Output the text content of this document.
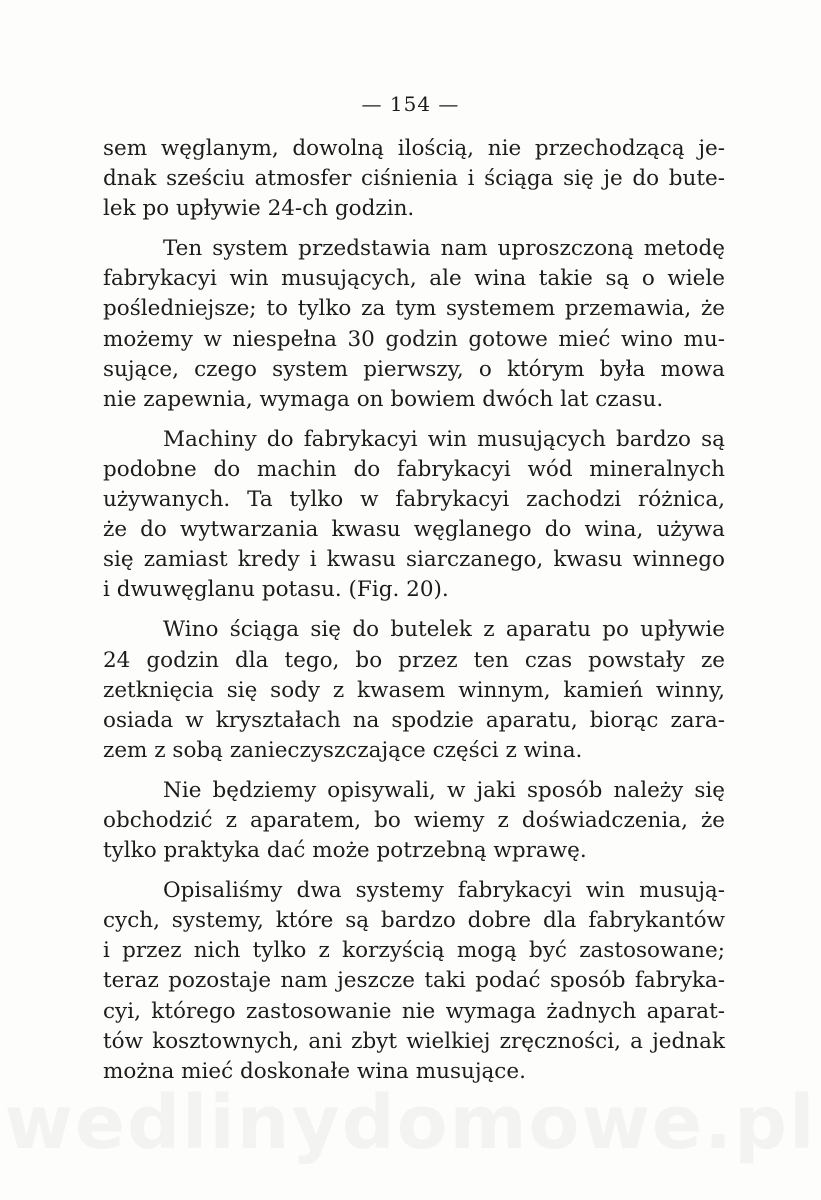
— 154 —
sem węglanym, dowolną ilością, nie przechodzącą je-
dnak sześciu atmosfer ciśnienia i ściąga się je do bute-
lek po upływie 24-ch godzin.
Ten system przedstawia nam uproszczoną metodę
fabrykacyi win musujących, ale wina takie są o wiele
pośledniejsze; to tylko za tym systemem przemawia, że
możemy w niespełna 30 godzin gotowe mieć wino mu-
sujące, czego system pierwszy, o którym była mowa
nie zapewnia, wymaga on bowiem dwóch lat czasu.
Machiny do fabrykacyi win musujących bardzo są
podobne do machin do fabrykacyi wód mineralnych
używanych. Ta tylko w fabrykacyi zachodzi różnica,
że do wytwarzania kwasu węglanego do wina, używa
się zamiast kredy i kwasu siarczanego, kwasu winnego
i dwuwęglanu potasu. (Fig. 20).
Wino ściąga się do butelek z aparatu po upływie
24 godzin dla tego, bo przez ten czas powstały ze
zetknięcia się sody z kwasem winnym, kamień winny,
osiada w kryształach na spodzie aparatu, biorąc zara-
zem z sobą zanieczyszczające części z wina.
Nie będziemy opisywali, w jaki sposób należy się
obchodzić z aparatem, bo wiemy z doświadczenia, że
tylko praktyka dać może potrzebną wprawę.
Opisaliśmy dwa systemy fabrykacyi win musują-
cych, systemy, które są bardzo dobre dla fabrykantów
i przez nich tylko z korzyścią mogą być zastosowane;
teraz pozostaje nam jeszcze taki podać sposób fabryka-
cyi, którego zastosowanie nie wymaga żadnych aparat-
tów kosztownych, ani zbyt wielkiej zręczności, a jednak
można mieć doskonałe wina musujące.
wedlinydomowe.pl
